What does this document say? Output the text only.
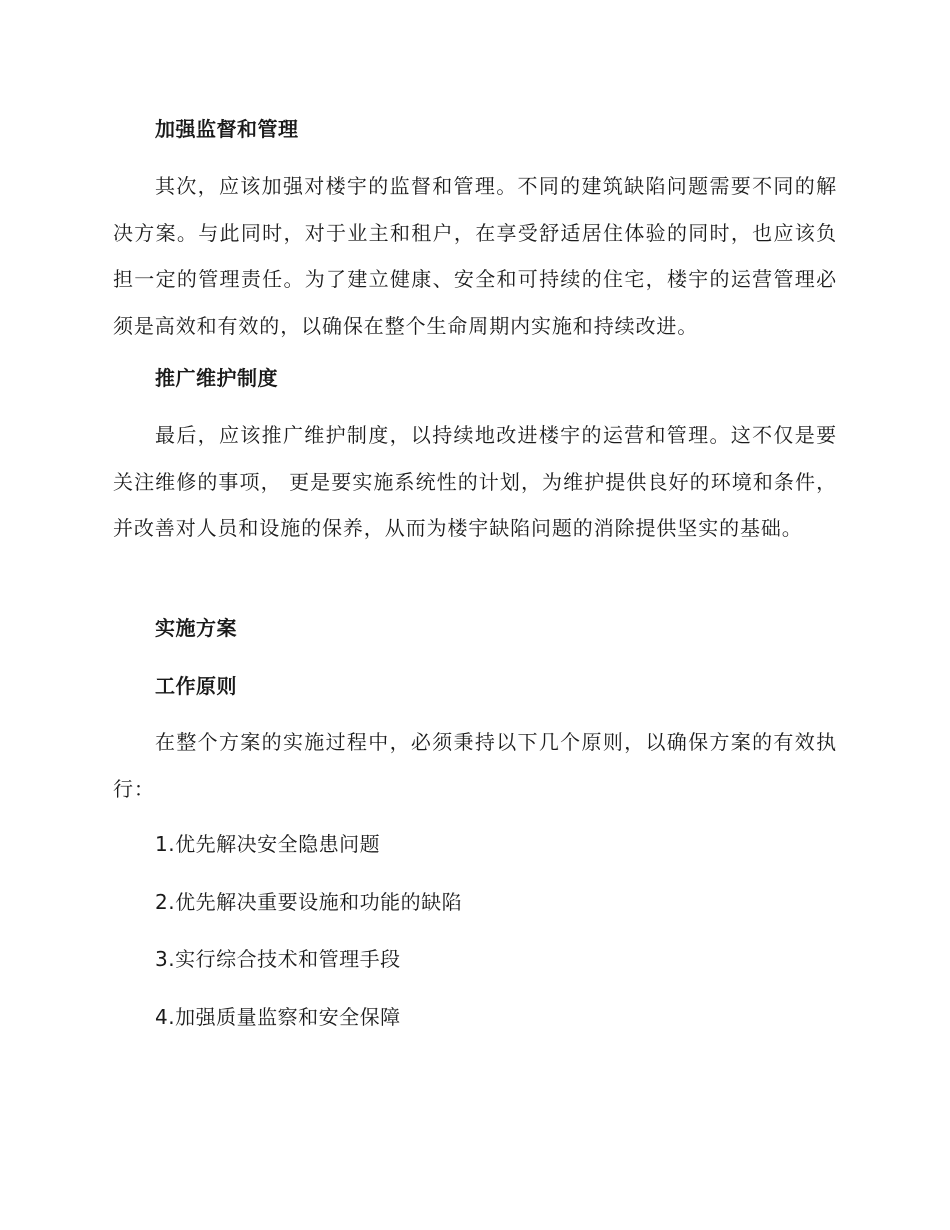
加强监督和管理
其次，应该加强对楼宇的监督和管理。不同的建筑缺陷问题需要不同的解决方案。与此同时，对于业主和租户，在享受舒适居住体验的同时，也应该负担一定的管理责任。为了建立健康、安全和可持续的住宅，楼宇的运营管理必须是高效和有效的，以确保在整个生命周期内实施和持续改进。
推广维护制度
最后，应该推广维护制度，以持续地改进楼宇的运营和管理。这不仅是要关注维修的事项， 更是要实施系统性的计划，为维护提供良好的环境和条件，并改善对人员和设施的保养，从而为楼宇缺陷问题的消除提供坚实的基础。
实施方案
工作原则
在整个方案的实施过程中，必须秉持以下几个原则，以确保方案的有效执行：
1.优先解决安全隐患问题
2.优先解决重要设施和功能的缺陷
3.实行综合技术和管理手段
4.加强质量监察和安全保障
